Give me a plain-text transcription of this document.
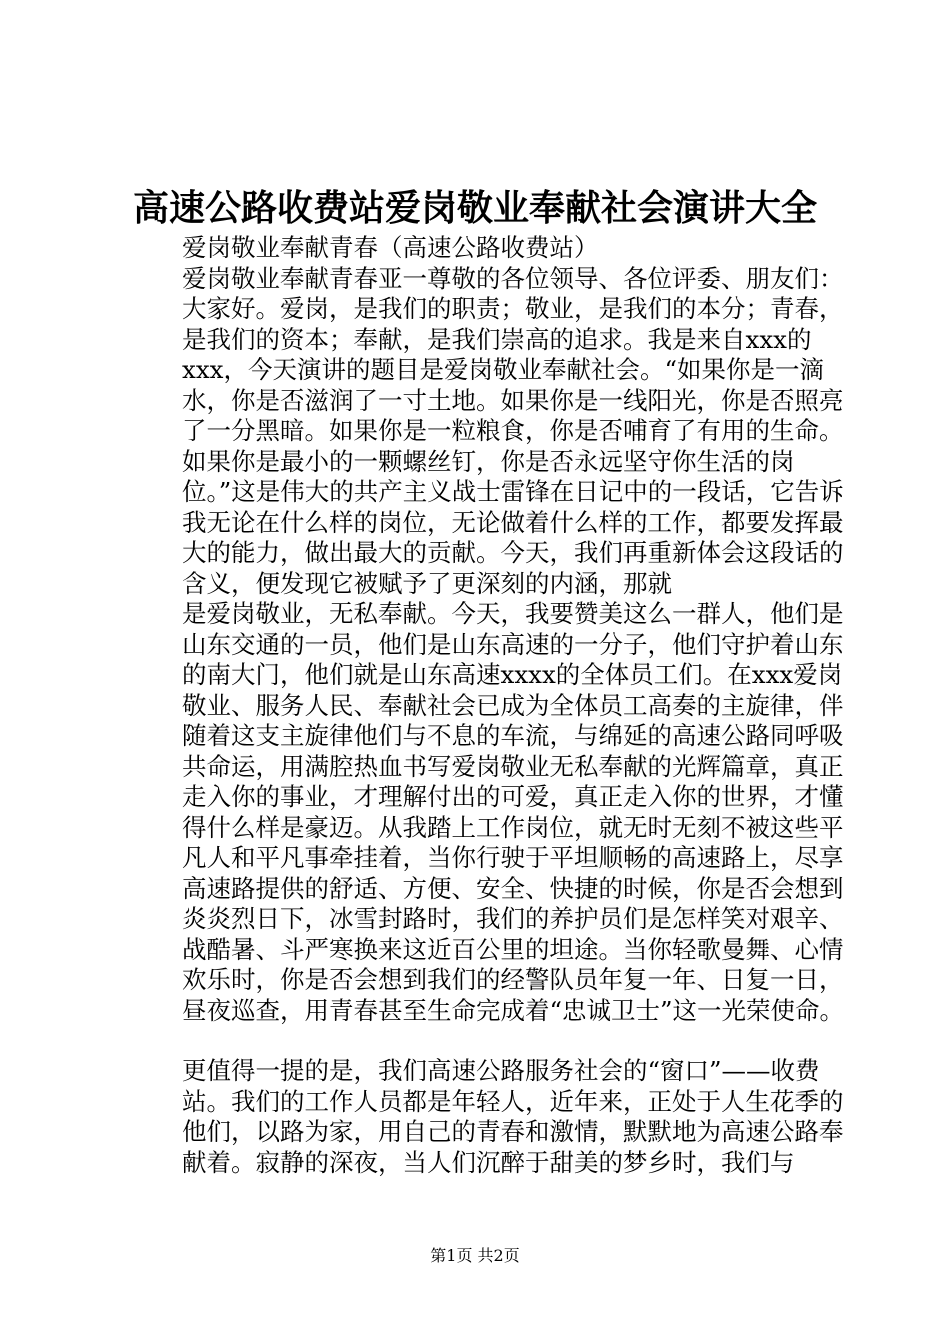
高速公路收费站爱岗敬业奉献社会演讲大全

爱岗敬业奉献青春（高速公路收费站）

爱岗敬业奉献青春亚一尊敬的各位领导、各位评委、朋友们：大家好。爱岗，是我们的职责；敬业，是我们的本分；青春，是我们的资本；奉献，是我们崇高的追求。我是来自xxx的xxx，今天演讲的题目是爱岗敬业奉献社会。“如果你是一滴水，你是否滋润了一寸土地。如果你是一线阳光，你是否照亮了一分黑暗。如果你是一粒粮食，你是否哺育了有用的生命。如果你是最小的一颗螺丝钉，你是否永远坚守你生活的岗位。”这是伟大的共产主义战士雷锋在日记中的一段话，它告诉我无论在什么样的岗位，无论做着什么样的工作，都要发挥最大的能力，做出最大的贡献。今天，我们再重新体会这段话的含义，便发现它被赋予了更深刻的内涵，那就

是爱岗敬业，无私奉献。今天，我要赞美这么一群人，他们是山东交通的一员，他们是山东高速的一分子，他们守护着山东的南大门，他们就是山东高速xxxx的全体员工们。在xxx爱岗敬业、服务人民、奉献社会已成为全体员工高奏的主旋律，伴随着这支主旋律他们与不息的车流，与绵延的高速公路同呼吸共命运，用满腔热血书写爱岗敬业无私奉献的光辉篇章，真正走入你的事业，才理解付出的可爱，真正走入你的世界，才懂得什么样是豪迈。从我踏上工作岗位，就无时无刻不被这些平凡人和平凡事牵挂着，当你行驶于平坦顺畅的高速路上，尽享高速路提供的舒适、方便、安全、快捷的时候，你是否会想到炎炎烈日下，冰雪封路时，我们的养护员们是怎样笑对艰辛、战酷暑、斗严寒换来这近百公里的坦途。当你轻歌曼舞、心情欢乐时，你是否会想到我们的经警队员年复一年、日复一日，昼夜巡查，用青春甚至生命完成着“忠诚卫士”这一光荣使命。

更值得一提的是，我们高速公路服务社会的“窗口”——收费站。我们的工作人员都是年轻人，近年来，正处于人生花季的他们，以路为家，用自己的青春和激情，默默地为高速公路奉献着。寂静的深夜，当人们沉醉于甜美的梦乡时，我们与

第1页 共2页
